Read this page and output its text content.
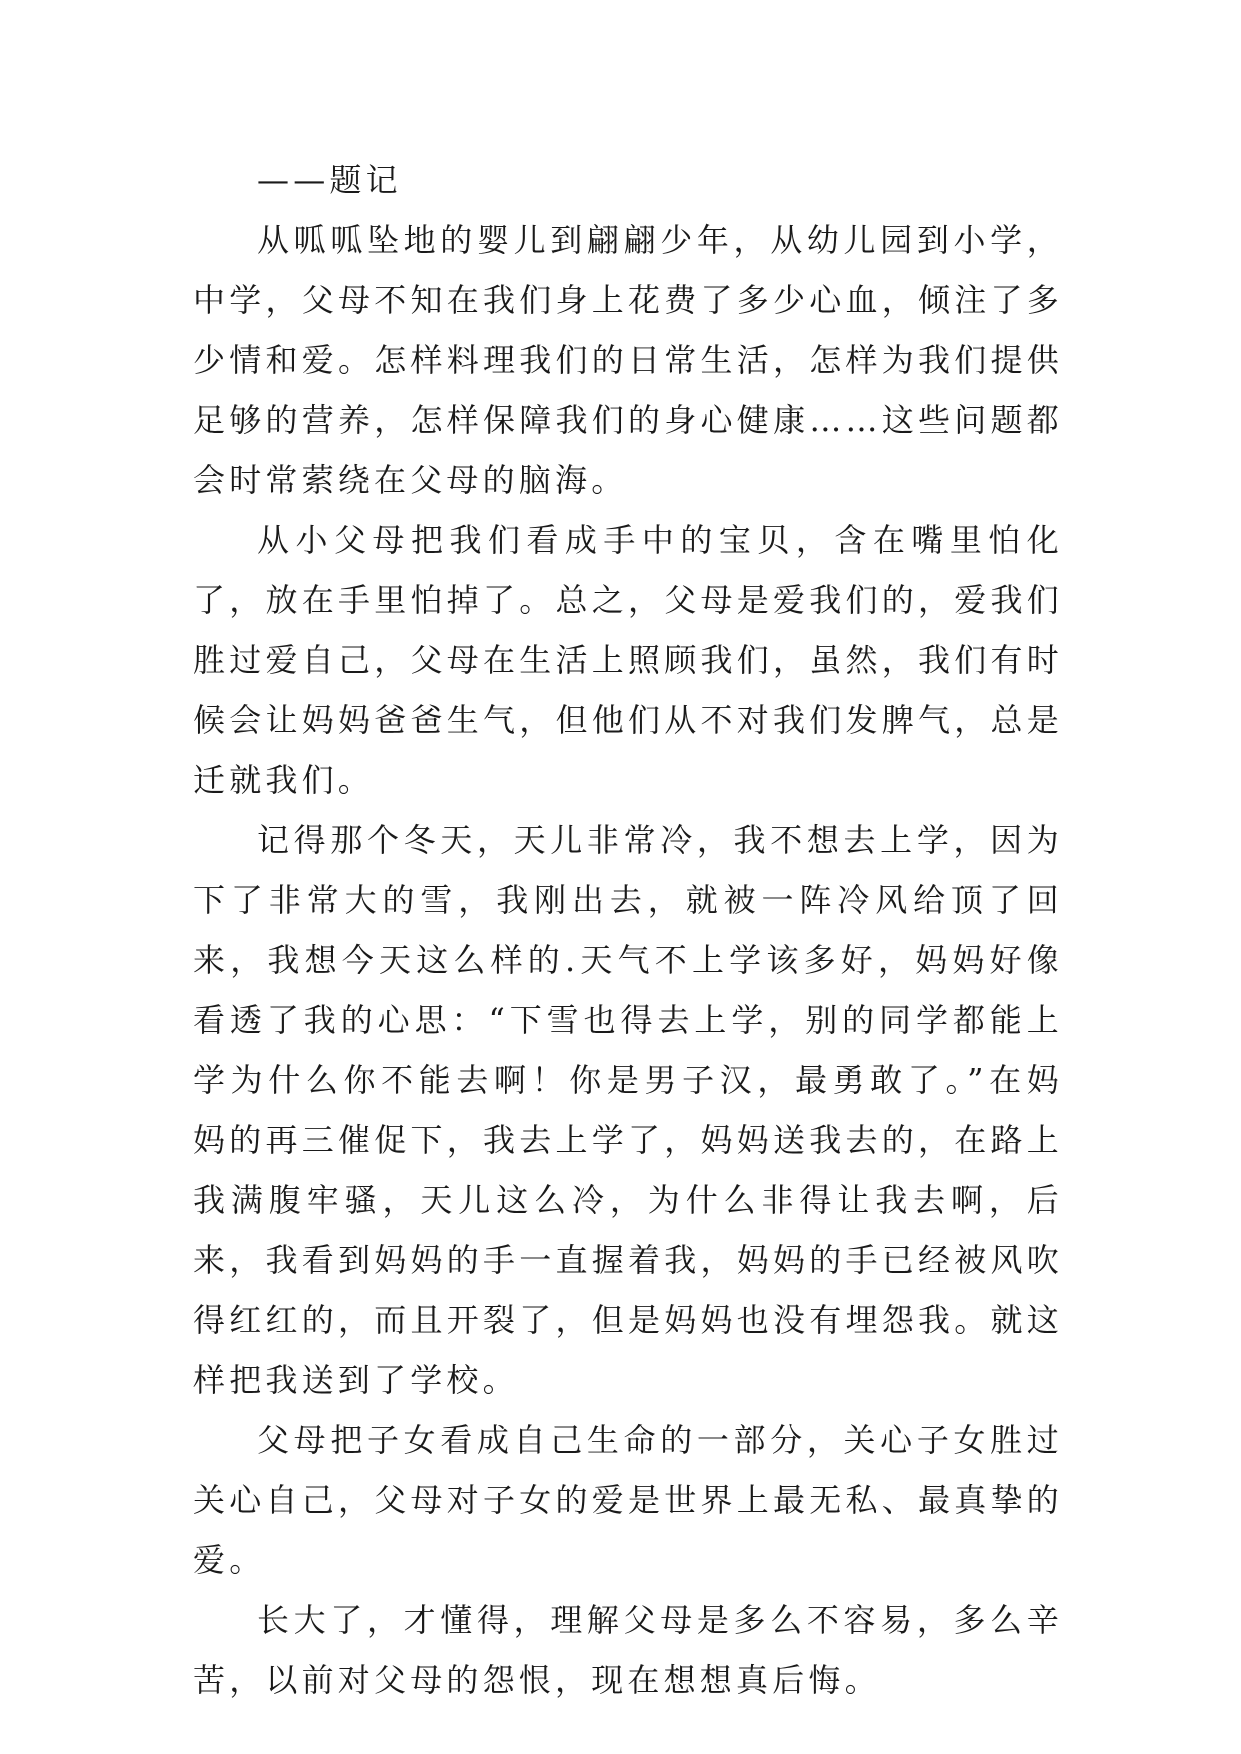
——题记

从呱呱坠地的婴儿到翩翩少年，从幼儿园到小学，中学，父母不知在我们身上花费了多少心血，倾注了多少情和爱。怎样料理我们的日常生活，怎样为我们提供足够的营养，怎样保障我们的身心健康……这些问题都会时常萦绕在父母的脑海。

从小父母把我们看成手中的宝贝，含在嘴里怕化了，放在手里怕掉了。总之，父母是爱我们的，爱我们胜过爱自己，父母在生活上照顾我们，虽然，我们有时候会让妈妈爸爸生气，但他们从不对我们发脾气，总是迁就我们。

记得那个冬天，天儿非常冷，我不想去上学，因为下了非常大的雪，我刚出去，就被一阵冷风给顶了回来，我想今天这么样的.天气不上学该多好，妈妈好像看透了我的心思：“下雪也得去上学，别的同学都能上学为什么你不能去啊！你是男子汉，最勇敢了。”在妈妈的再三催促下，我去上学了，妈妈送我去的，在路上我满腹牢骚，天儿这么冷，为什么非得让我去啊，后来，我看到妈妈的手一直握着我，妈妈的手已经被风吹得红红的，而且开裂了，但是妈妈也没有埋怨我。就这样把我送到了学校。

父母把子女看成自己生命的一部分，关心子女胜过关心自己，父母对子女的爱是世界上最无私、最真挚的爱。

长大了，才懂得，理解父母是多么不容易，多么辛苦，以前对父母的怨恨，现在想想真后悔。
